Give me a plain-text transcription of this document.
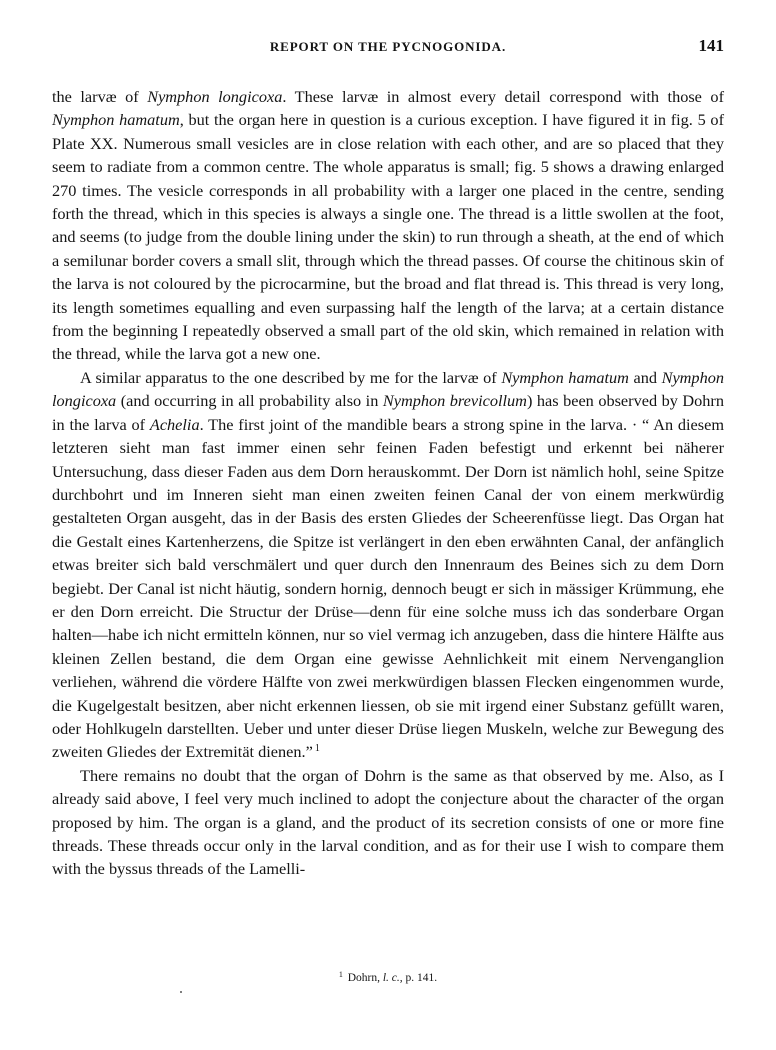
REPORT ON THE PYCNOGONIDA.	141

the larvæ of Nymphon longicoxa. These larvæ in almost every detail correspond with those of Nymphon hamatum, but the organ here in question is a curious exception. I have figured it in fig. 5 of Plate XX. Numerous small vesicles are in close relation with each other, and are so placed that they seem to radiate from a common centre. The whole apparatus is small; fig. 5 shows a drawing enlarged 270 times. The vesicle corresponds in all probability with a larger one placed in the centre, sending forth the thread, which in this species is always a single one. The thread is a little swollen at the foot, and seems (to judge from the double lining under the skin) to run through a sheath, at the end of which a semilunar border covers a small slit, through which the thread passes. Of course the chitinous skin of the larva is not coloured by the picrocarmine, but the broad and flat thread is. This thread is very long, its length sometimes equalling and even surpassing half the length of the larva; at a certain distance from the beginning I repeatedly observed a small part of the old skin, which remained in relation with the thread, while the larva got a new one.

A similar apparatus to the one described by me for the larvæ of Nymphon hamatum and Nymphon longicoxa (and occurring in all probability also in Nymphon brevicollum) has been observed by Dohrn in the larva of Achelia. The first joint of the mandible bears a strong spine in the larva. · “ An diesem letzteren sieht man fast immer einen sehr feinen Faden befestigt und erkennt bei näherer Untersuchung, dass dieser Faden aus dem Dorn herauskommt. Der Dorn ist nämlich hohl, seine Spitze durchbohrt und im Inneren sieht man einen zweiten feinen Canal der von einem merkwürdig gestalteten Organ ausgeht, das in der Basis des ersten Gliedes der Scheerenfüsse liegt. Das Organ hat die Gestalt eines Kartenherzens, die Spitze ist verlängert in den eben erwähnten Canal, der anfänglich etwas breiter sich bald verschmälert und quer durch den Innenraum des Beines sich zu dem Dorn begiebt. Der Canal ist nicht häutig, sondern hornig, dennoch beugt er sich in mässiger Krümmung, ehe er den Dorn erreicht. Die Structur der Drüse—denn für eine solche muss ich das sonderbare Organ halten—habe ich nicht ermitteln können, nur so viel vermag ich anzugeben, dass die hintere Hälfte aus kleinen Zellen bestand, die dem Organ eine gewisse Aehnlichkeit mit einem Nervenganglion verliehen, während die vördere Hälfte von zwei merkwürdigen blassen Flecken eingenommen wurde, die Kugelgestalt besitzen, aber nicht erkennen liessen, ob sie mit irgend einer Substanz gefüllt waren, oder Hohlkugeln darstellten. Ueber und unter dieser Drüse liegen Muskeln, welche zur Bewegung des zweiten Gliedes der Extremität dienen.” $^1$

There remains no doubt that the organ of Dohrn is the same as that observed by me. Also, as I already said above, I feel very much inclined to adopt the conjecture about the character of the organ proposed by him. The organ is a gland, and the product of its secretion consists of one or more fine threads. These threads occur only in the larval condition, and as for their use I wish to compare them with the byssus threads of the Lamelli-

$^1$ Dohrn, l. c., p. 141.
